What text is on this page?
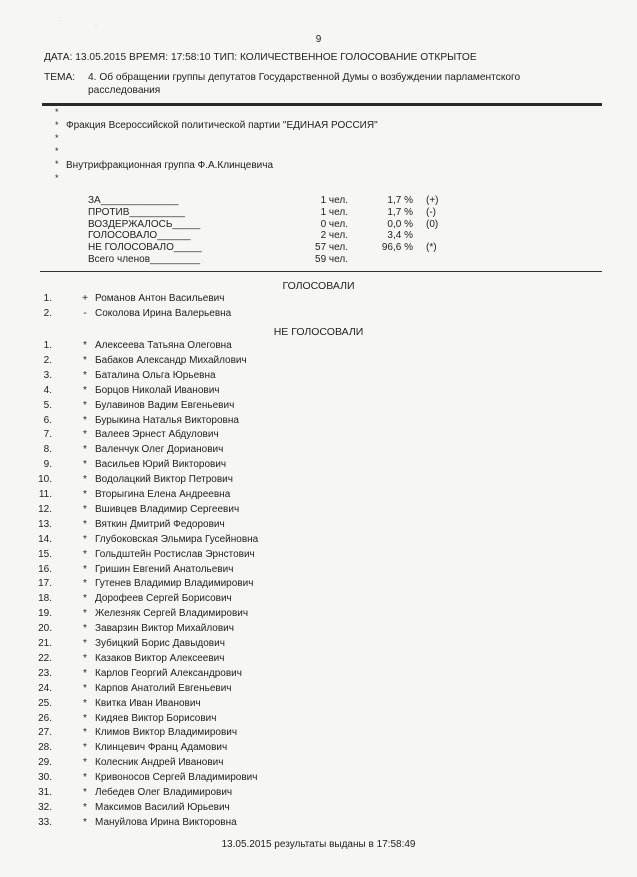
·
·
9
ДАТА: 13.05.2015 ВРЕМЯ: 17:58:10 ТИП: КОЛИЧЕСТВЕННОЕ ГОЛОСОВАНИЕ ОТКРЫТОЕ
ТЕМА: 4. Об обращении группы депутатов Государственной Думы о возбуждении парламентского
расследования
*
* Фракция Всероссийской политической партии "ЕДИНАЯ РОССИЯ"
*
*
* Внутрифракционная группа Ф.А.Клинцевича
*
ЗА______________	1 чел.	1,7 % (+)
ПРОТИВ__________	1 чел.	1,7 % (-)
ВОЗДЕРЖАЛОСЬ_____	0 чел.	0,0 % (0)
ГОЛОСОВАЛО______	2 чел.	3,4 %
НЕ ГОЛОСОВАЛО_____	57 чел.	96,6 % (*)
Всего членов_________	59 чел.
ГОЛОСОВАЛИ
1.	+ Романов Антон Васильевич
2.	- Соколова Ирина Валерьевна
НЕ ГОЛОСОВАЛИ
1.	* Алексеева Татьяна Олеговна
2.	* Бабаков Александр Михайлович
3.	* Баталина Ольга Юрьевна
4.	* Борцов Николай Иванович
5.	* Булавинов Вадим Евгеньевич
6.	* Бурыкина Наталья Викторовна
7.	* Валеев Эрнест Абдулович
8.	* Валенчук Олег Дорианович
9.	* Васильев Юрий Викторович
10.	* Водолацкий Виктор Петрович
11.	* Вторыгина Елена Андреевна
12.	* Вшивцев Владимир Сергеевич
13.	* Вяткин Дмитрий Федорович
14.	* Глубоковская Эльмира Гусейновна
15.	* Гольдштейн Ростислав Эрнстович
16.	* Гришин Евгений Анатольевич
17.	* Гутенев Владимир Владимирович
18.	* Дорофеев Сергей Борисович
19.	* Железняк Сергей Владимирович
20.	* Заварзин Виктор Михайлович
21.	* Зубицкий Борис Давыдович
22.	* Казаков Виктор Алексеевич
23.	* Карлов Георгий Александрович
24.	* Карпов Анатолий Евгеньевич
25.	* Квитка Иван Иванович
26.	* Кидяев Виктор Борисович
27.	* Климов Виктор Владимирович
28.	* Клинцевич Франц Адамович
29.	* Колесник Андрей Иванович
30.	* Кривоносов Сергей Владимирович
31.	* Лебедев Олег Владимирович
32.	* Максимов Василий Юрьевич
33.	* Мануйлова Ирина Викторовна
13.05.2015 результаты выданы в 17:58:49
